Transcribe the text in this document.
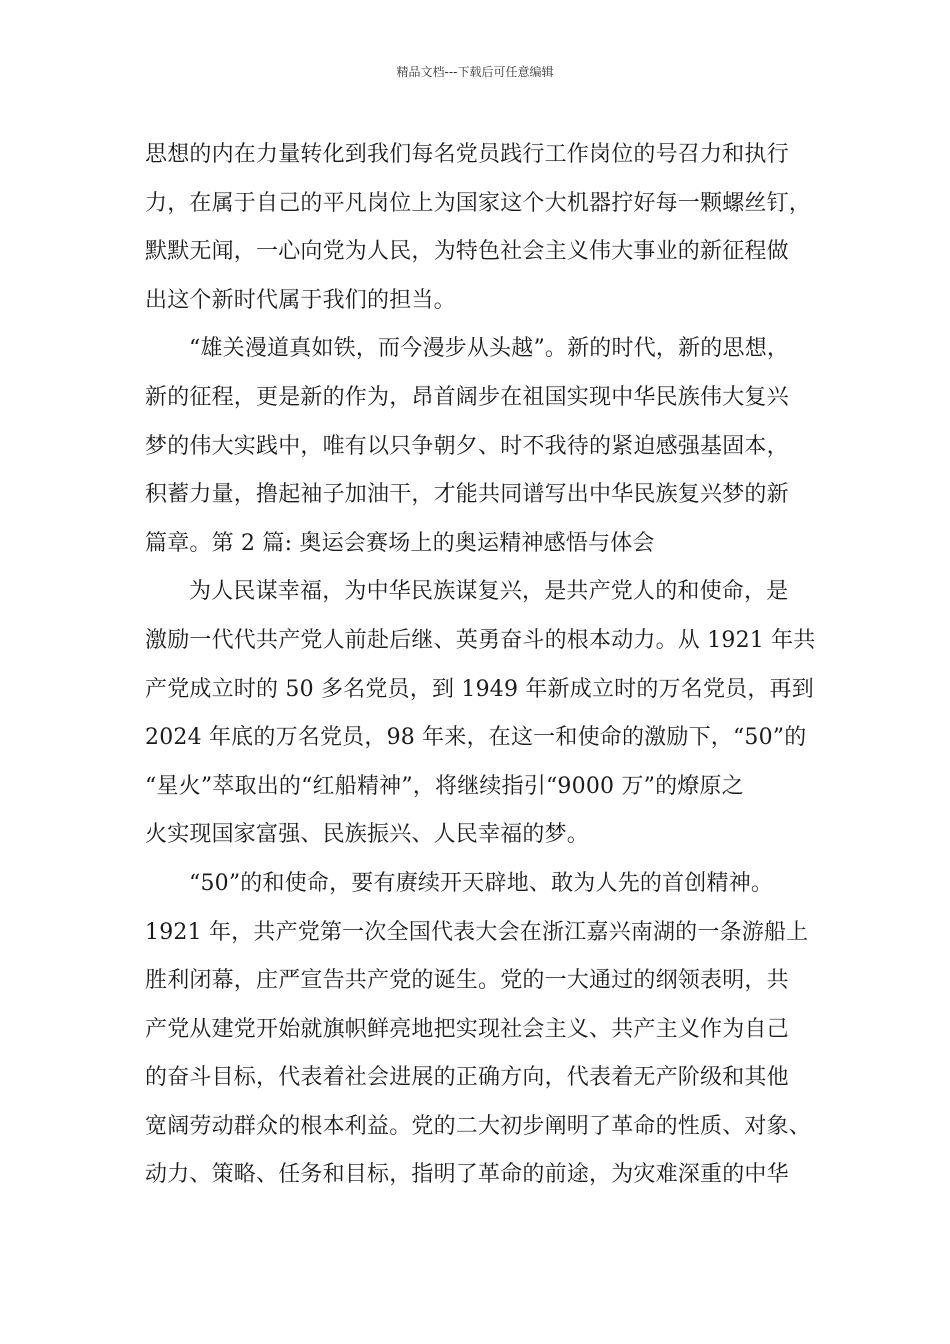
精品文档---下载后可任意编辑
思想的内在力量转化到我们每名党员践行工作岗位的号召力和执行
力，在属于自己的平凡岗位上为国家这个大机器拧好每一颗螺丝钉，
默默无闻，一心向党为人民，为特色社会主义伟大事业的新征程做
出这个新时代属于我们的担当。
“雄关漫道真如铁，而今漫步从头越”。新的时代，新的思想，
新的征程，更是新的作为，昂首阔步在祖国实现中华民族伟大复兴
梦的伟大实践中，唯有以只争朝夕、时不我待的紧迫感强基固本，
积蓄力量，撸起袖子加油干，才能共同谱写出中华民族复兴梦的新
篇章。第 2 篇: 奥运会赛场上的奥运精神感悟与体会
为人民谋幸福，为中华民族谋复兴，是共产党人的和使命，是
激励一代代共产党人前赴后继、英勇奋斗的根本动力。从 1921 年共
产党成立时的 50 多名党员，到 1949 年新成立时的万名党员，再到
2024 年底的万名党员，98 年来，在这一和使命的激励下，“50”的
“星火”萃取出的“红船精神”，将继续指引“9000 万”的燎原之
火实现国家富强、民族振兴、人民幸福的梦。
“50”的和使命，要有赓续开天辟地、敢为人先的首创精神。
1921 年，共产党第一次全国代表大会在浙江嘉兴南湖的一条游船上
胜利闭幕，庄严宣告共产党的诞生。党的一大通过的纲领表明，共
产党从建党开始就旗帜鲜亮地把实现社会主义、共产主义作为自己
的奋斗目标，代表着社会进展的正确方向，代表着无产阶级和其他
宽阔劳动群众的根本利益。党的二大初步阐明了革命的性质、对象、
动力、策略、任务和目标，指明了革命的前途，为灾难深重的中华
